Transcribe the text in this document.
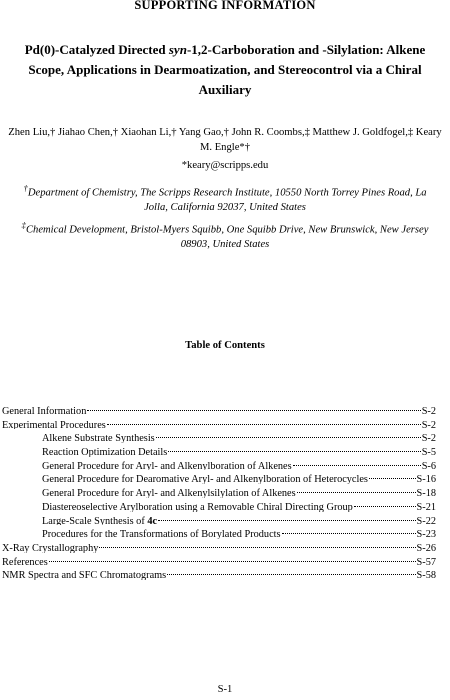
SUPPORTING INFORMATION
Pd(0)-Catalyzed Directed syn-1,2-Carboboration and -Silylation: Alkene
Scope, Applications in Dearmoatization, and Stereocontrol via a Chiral
Auxiliary
Zhen Liu,† Jiahao Chen,† Xiaohan Li,† Yang Gao,† John R. Coombs,‡ Matthew J. Goldfogel,‡ Keary
M. Engle*†
*keary@scripps.edu
†Department of Chemistry, The Scripps Research Institute, 10550 North Torrey Pines Road, La Jolla, California 92037, United States
‡Chemical Development, Bristol-Myers Squibb, One Squibb Drive, New Brunswick, New Jersey 08903, United States
Table of Contents
General Information	S-2
Experimental Procedures	S-2
Alkene Substrate Synthesis	S-2
Reaction Optimization Details	S-5
General Procedure for Aryl- and Alkenylboration of Alkenes	S-6
General Procedure for Dearomative Aryl- and Alkenylboration of Heterocycles	S-16
General Procedure for Aryl- and Alkenylsilylation of Alkenes	S-18
Diastereoselective Arylboration using a Removable Chiral Directing Group	S-21
Large-Scale Synthesis of 4c	S-22
Procedures for the Transformations of Borylated Products	S-23
X-Ray Crystallography	S-26
References	S-57
NMR Spectra and SFC Chromatograms	S-58
S-1
